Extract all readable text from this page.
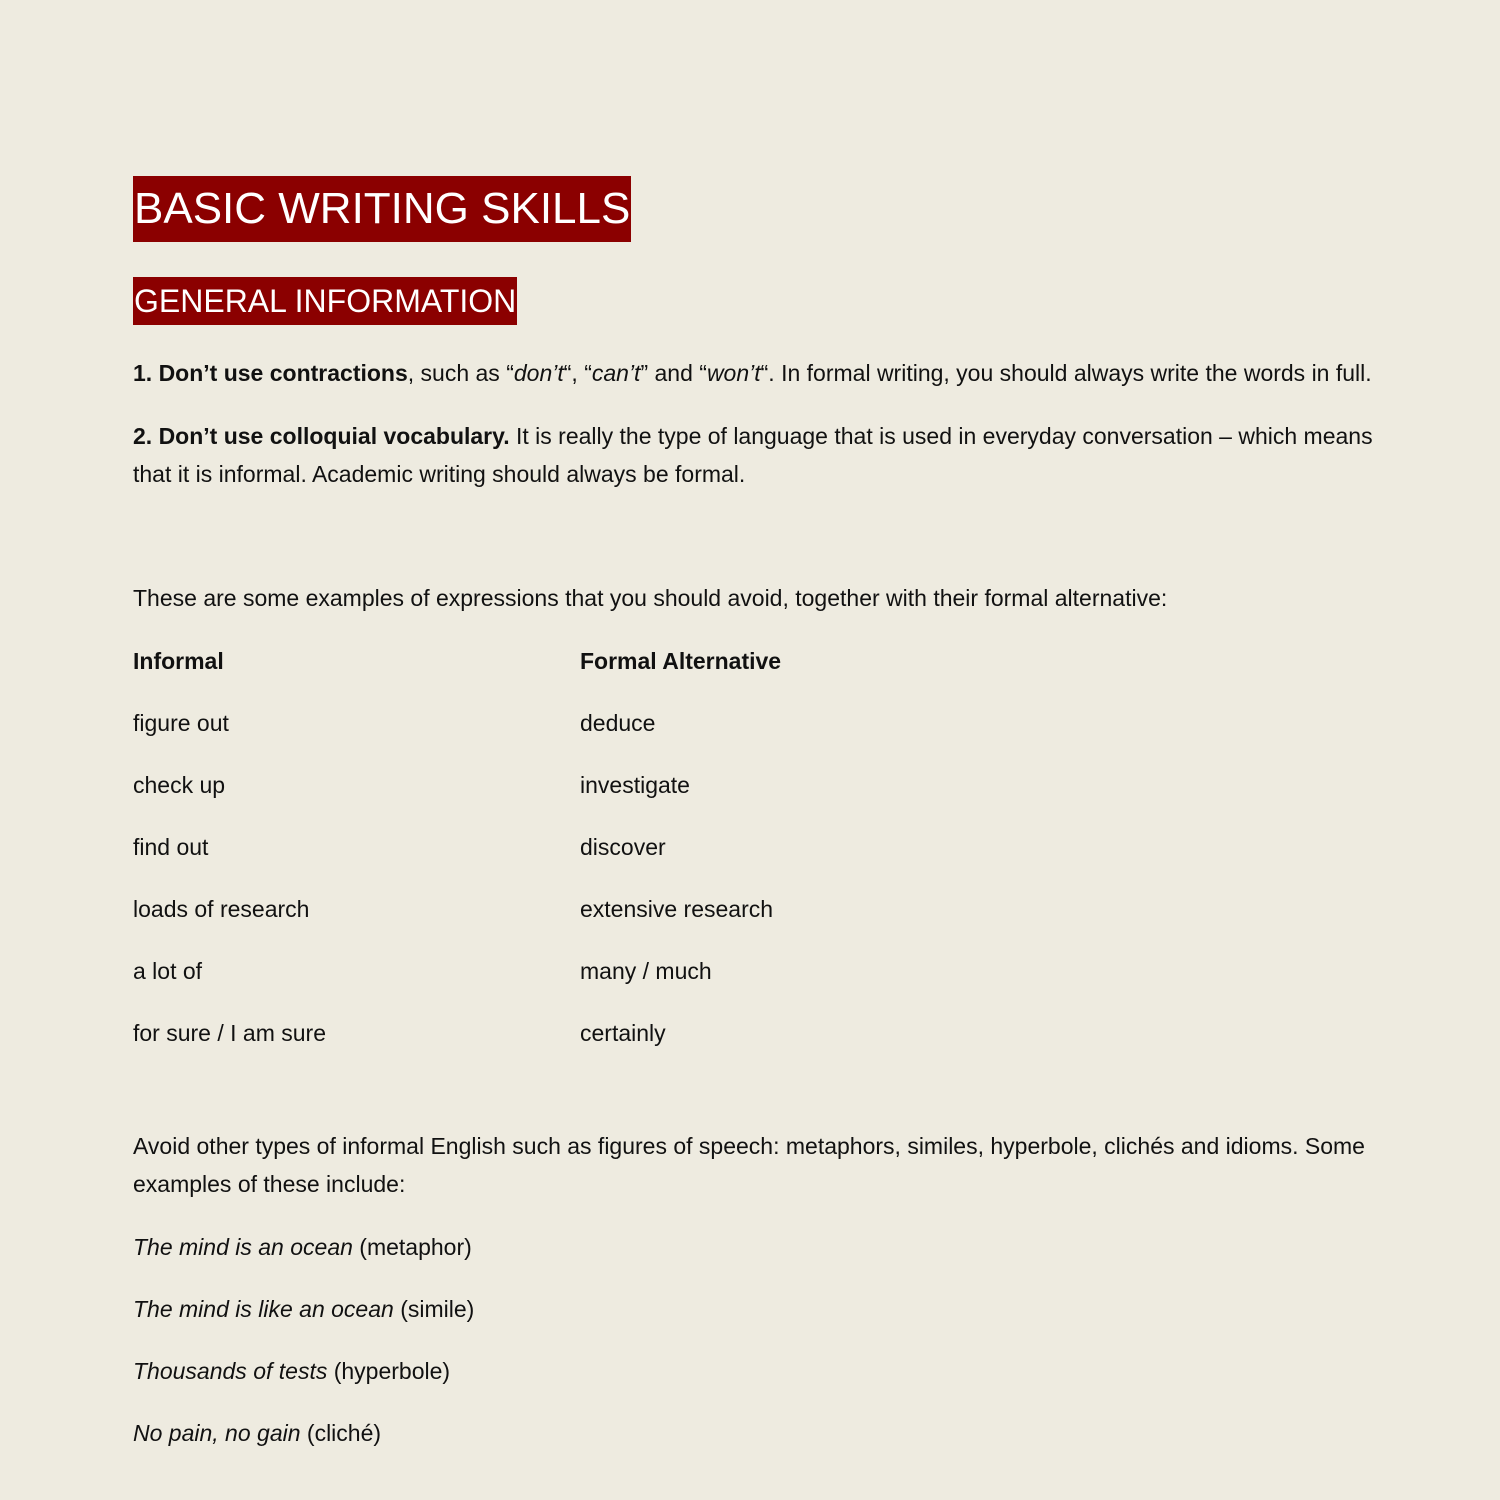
BASIC WRITING SKILLS
GENERAL INFORMATION

1. Don’t use contractions, such as “don’t“, “can’t” and “won’t“. In formal writing, you should always write the words in full.

2. Don’t use colloquial vocabulary. It is really the type of language that is used in everyday conversation – which means that it is informal. Academic writing should always be formal.

These are some examples of expressions that you should avoid, together with their formal alternative:

Informal	Formal Alternative
figure out	deduce
check up	investigate
find out	discover
loads of research	extensive research
a lot of	many / much
for sure / I am sure	certainly

Avoid other types of informal English such as figures of speech: metaphors, similes, hyperbole, clichés and idioms. Some examples of these include:

The mind is an ocean (metaphor)
The mind is like an ocean (simile)
Thousands of tests (hyperbole)
No pain, no gain (cliché)
